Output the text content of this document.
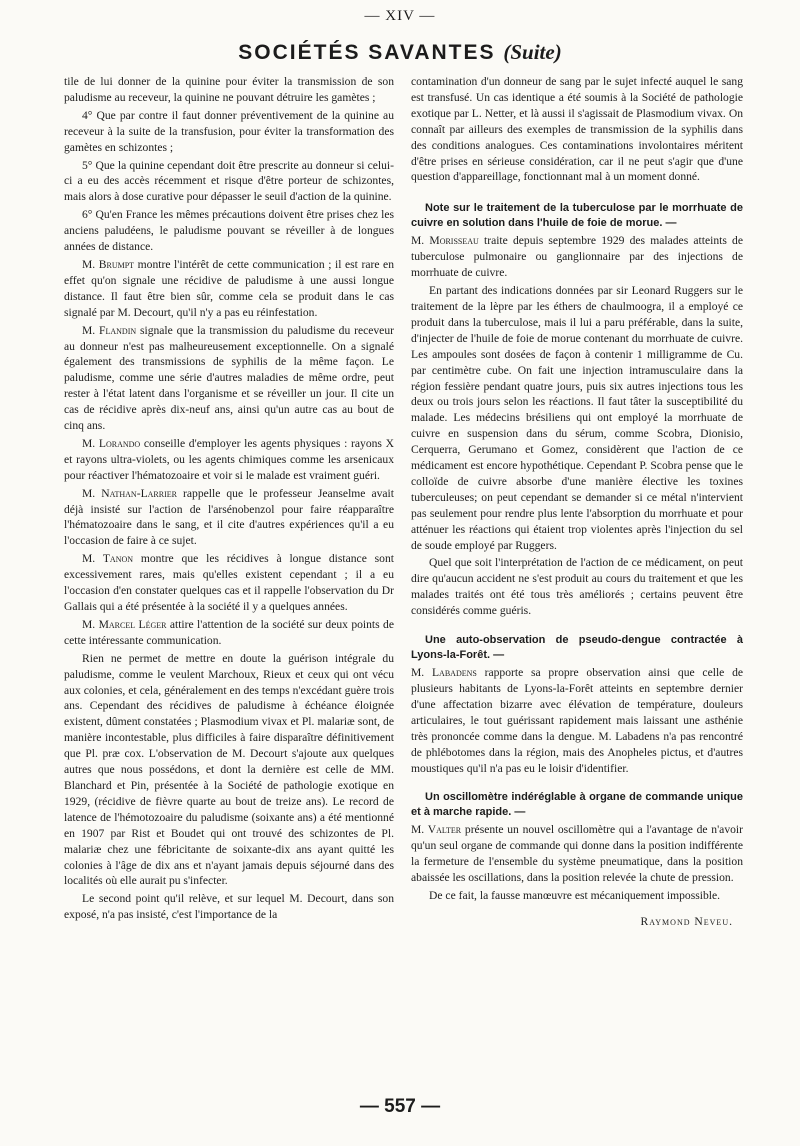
— XIV —
SOCIÉTÉS SAVANTES (Suite)

tile de lui donner de la quinine pour éviter la transmission de son paludisme au receveur, la quinine ne pouvant détruire les gamètes ;

4° Que par contre il faut donner préventivement de la quinine au receveur à la suite de la transfusion, pour éviter la transformation des gamètes en schizontes ;

5° Que la quinine cependant doit être prescrite au donneur si celui-ci a eu des accès récemment et risque d'être porteur de schizontes, mais alors à dose curative pour dépasser le seuil d'action de la quinine.

6° Qu'en France les mêmes précautions doivent être prises chez les anciens paludéens, le paludisme pouvant se réveiller à de longues années de distance.

M. Brumpt montre l'intérêt de cette communication ; il est rare en effet qu'on signale une récidive de paludisme à une aussi longue distance. Il faut être bien sûr, comme cela se produit dans le cas signalé par M. Decourt, qu'il n'y a pas eu réinfestation.

M. Flandin signale que la transmission du paludisme du receveur au donneur n'est pas malheureusement exceptionnelle. On a signalé également des transmissions de syphilis de la même façon. Le paludisme, comme une série d'autres maladies de même ordre, peut rester à l'état latent dans l'organisme et se réveiller un jour. Il cite un cas de récidive après dix-neuf ans, ainsi qu'un autre cas au bout de cinq ans.

M. Lorando conseille d'employer les agents physiques : rayons X et rayons ultra-violets, ou les agents chimiques comme les arsenicaux pour réactiver l'hématozoaire et voir si le malade est vraiment guéri.

M. Nathan-Larrier rappelle que le professeur Jeanselme avait déjà insisté sur l'action de l'arsénobenzol pour faire réapparaître l'hématozoaire dans le sang, et il cite d'autres expériences qu'il a eu l'occasion de faire à ce sujet.

M. Tanon montre que les récidives à longue distance sont excessivement rares, mais qu'elles existent cependant ; il a eu l'occasion d'en constater quelques cas et il rappelle l'observation du Dr Gallais qui a été présentée à la société il y a quelques années.

M. Marcel Léger attire l'attention de la société sur deux points de cette intéressante communication.

Rien ne permet de mettre en doute la guérison intégrale du paludisme, comme le veulent Marchoux, Rieux et ceux qui ont vécu aux colonies, et cela, généralement en des temps n'excédant guère trois ans. Cependant des récidives de paludisme à échéance éloignée existent, dûment constatées ; Plasmodium vivax et Pl. malariæ sont, de manière incontestable, plus difficiles à faire disparaître définitivement que Pl. præ cox. L'observation de M. Decourt s'ajoute aux quelques autres que nous possédons, et dont la dernière est celle de MM. Blanchard et Pin, présentée à la Société de pathologie exotique en 1929, (récidive de fièvre quarte au bout de treize ans). Le record de latence de l'hémotozoaire du paludisme (soixante ans) a été mentionné en 1907 par Rist et Boudet qui ont trouvé des schizontes de Pl. malariæ chez une fébricitante de soixante-dix ans ayant quitté les colonies à l'âge de dix ans et n'ayant jamais depuis séjourné dans des localités où elle aurait pu s'infecter.

Le second point qu'il relève, et sur lequel M. Decourt, dans son exposé, n'a pas insisté, c'est l'importance de la

contamination d'un donneur de sang par le sujet infecté auquel le sang est transfusé. Un cas identique a été soumis à la Société de pathologie exotique par L. Netter, et là aussi il s'agissait de Plasmodium vivax. On connaît par ailleurs des exemples de transmission de la syphilis dans des conditions analogues. Ces contaminations involontaires méritent d'être prises en sérieuse considération, car il ne peut s'agir que d'une question d'appareillage, fonctionnant mal à un moment donné.

Note sur le traitement de la tuberculose par le morrhuate de cuivre en solution dans l'huile de foie de morue. —

M. Morisseau traite depuis septembre 1929 des malades atteints de tuberculose pulmonaire ou ganglionnaire par des injections de morrhuate de cuivre.

En partant des indications données par sir Leonard Ruggers sur le traitement de la lèpre par les éthers de chaulmoogra, il a employé ce produit dans la tuberculose, mais il lui a paru préférable, dans la suite, d'injecter de l'huile de foie de morue contenant du morrhuate de cuivre. Les ampoules sont dosées de façon à contenir 1 milligramme de Cu. par centimètre cube. On fait une injection intramusculaire dans la région fessière pendant quatre jours, puis six autres injections tous les deux ou trois jours selon les réactions. Il faut tâter la susceptibilité du malade. Les médecins brésiliens qui ont employé la morrhuate de cuivre en suspension dans du sérum, comme Scobra, Dionisio, Cerquerra, Gerumano et Gomez, considèrent que l'action de ce médicament est encore hypothétique. Cependant P. Scobra pense que le colloïde de cuivre absorbe d'une manière élective les toxines tuberculeuses; on peut cependant se demander si ce métal n'intervient pas seulement pour rendre plus lente l'absorption du morrhuate et pour atténuer les réactions qui étaient trop violentes après l'injection du sel de soude employé par Ruggers.

Quel que soit l'interprétation de l'action de ce médicament, on peut dire qu'aucun accident ne s'est produit au cours du traitement et que les malades traités ont été tous très améliorés ; certains peuvent être considérés comme guéris.

Une auto-observation de pseudo-dengue contractée à Lyons-la-Forêt. —

M. Labadens rapporte sa propre observation ainsi que celle de plusieurs habitants de Lyons-la-Forêt atteints en septembre dernier d'une affectation bizarre avec élévation de température, douleurs articulaires, le tout guérissant rapidement mais laissant une asthénie très prononcée comme dans la dengue. M. Labadens n'a pas rencontré de phlébotomes dans la région, mais des Anopheles pictus, et d'autres moustiques qu'il n'a pas eu le loisir d'identifier.

Un oscillomètre indéréglable à organe de commande unique et à marche rapide. —

M. Valter présente un nouvel oscillomètre qui a l'avantage de n'avoir qu'un seul organe de commande qui donne dans la position indifférente la fermeture de l'ensemble du système pneumatique, dans la position abaissée les oscillations, dans la position relevée la chute de pression.

De ce fait, la fausse manœuvre est mécaniquement impossible.

Raymond Neveu.
— 557 —
